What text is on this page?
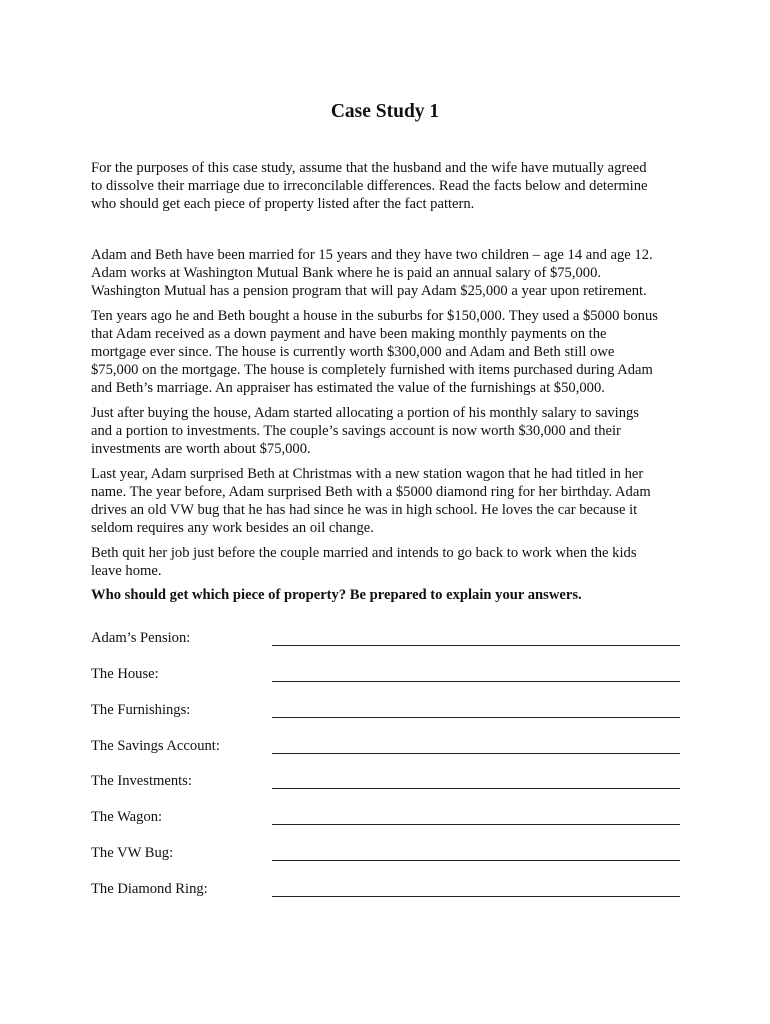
Case Study 1
For the purposes of this case study, assume that the husband and the wife have mutually agreed
to dissolve their marriage due to irreconcilable differences. Read the facts below and determine
who should get each piece of property listed after the fact pattern.
Adam and Beth have been married for 15 years and they have two children – age 14 and age 12.
Adam works at Washington Mutual Bank where he is paid an annual salary of $75,000.
Washington Mutual has a pension program that will pay Adam $25,000 a year upon retirement.
Ten years ago he and Beth bought a house in the suburbs for $150,000. They used a $5000 bonus
that Adam received as a down payment and have been making monthly payments on the
mortgage ever since. The house is currently worth $300,000 and Adam and Beth still owe
$75,000 on the mortgage. The house is completely furnished with items purchased during Adam
and Beth’s marriage. An appraiser has estimated the value of the furnishings at $50,000.
Just after buying the house, Adam started allocating a portion of his monthly salary to savings
and a portion to investments. The couple’s savings account is now worth $30,000 and their
investments are worth about $75,000.
Last year, Adam surprised Beth at Christmas with a new station wagon that he had titled in her
name. The year before, Adam surprised Beth with a $5000 diamond ring for her birthday. Adam
drives an old VW bug that he has had since he was in high school. He loves the car because it
seldom requires any work besides an oil change.
Beth quit her job just before the couple married and intends to go back to work when the kids
leave home.

Who should get which piece of property? Be prepared to explain your answers.

Adam’s Pension:
The House:
The Furnishings:
The Savings Account:
The Investments:
The Wagon:
The VW Bug:
The Diamond Ring:
